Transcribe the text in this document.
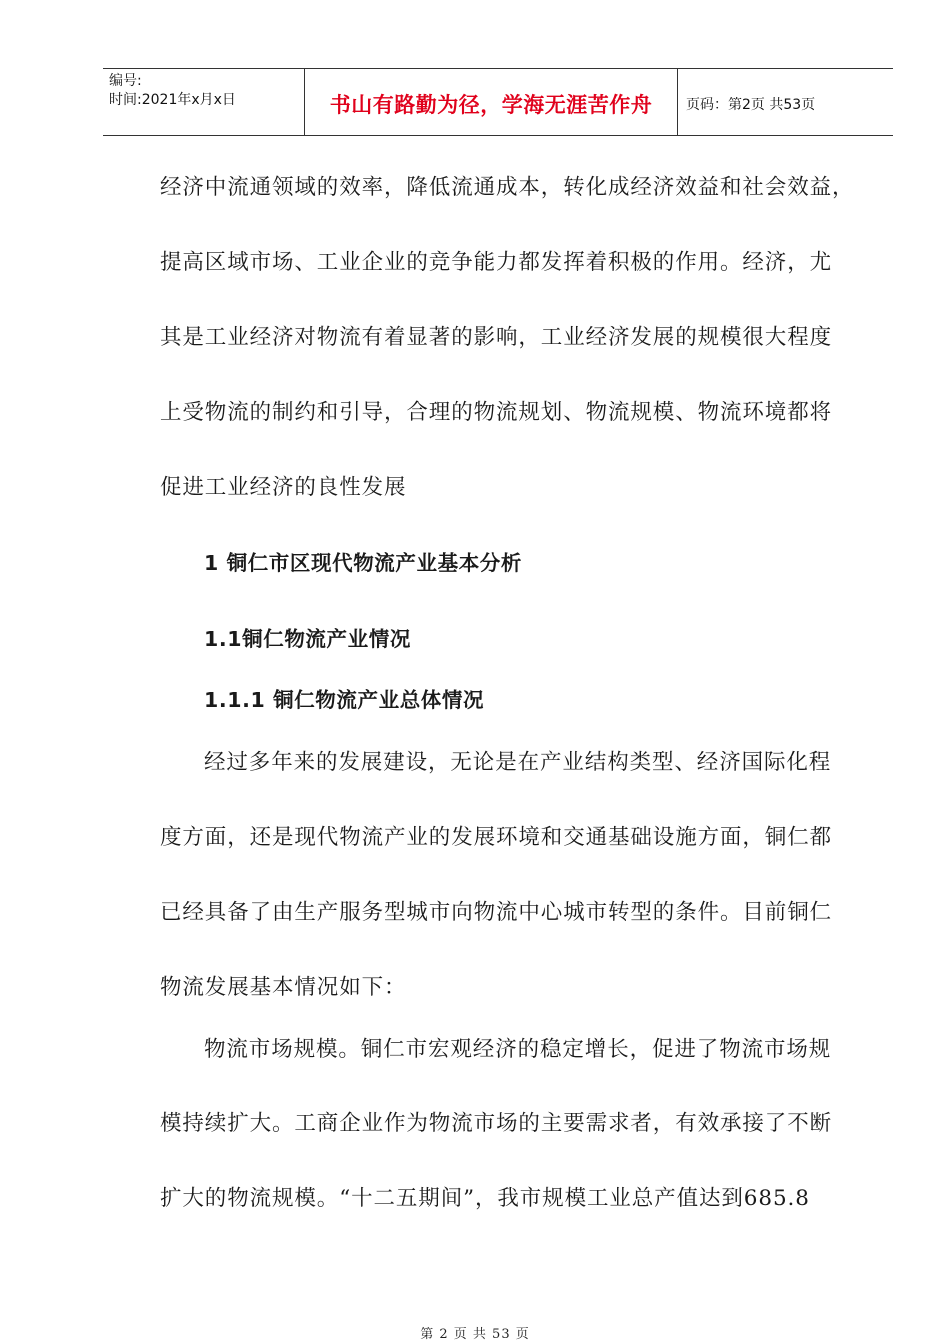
编号:
时间:2021年x月x日	书山有路勤为径，学海无涯苦作舟	页码：第2页 共53页
经济中流通领域的效率，降低流通成本，转化成经济效益和社会效益，
提高区域市场、工业企业的竞争能力都发挥着积极的作用。经济，尤
其是工业经济对物流有着显著的影响，工业经济发展的规模很大程度
上受物流的制约和引导，合理的物流规划、物流规模、物流环境都将
促进工业经济的良性发展
1 铜仁市区现代物流产业基本分析
1.1铜仁物流产业情况
1.1.1 铜仁物流产业总体情况
经过多年来的发展建设，无论是在产业结构类型、经济国际化程
度方面，还是现代物流产业的发展环境和交通基础设施方面，铜仁都
已经具备了由生产服务型城市向物流中心城市转型的条件。目前铜仁
物流发展基本情况如下：
物流市场规模。铜仁市宏观经济的稳定增长，促进了物流市场规
模持续扩大。工商企业作为物流市场的主要需求者，有效承接了不断
扩大的物流规模。“十二五期间”，我市规模工业总产值达到685.8
第 2 页 共 53 页
